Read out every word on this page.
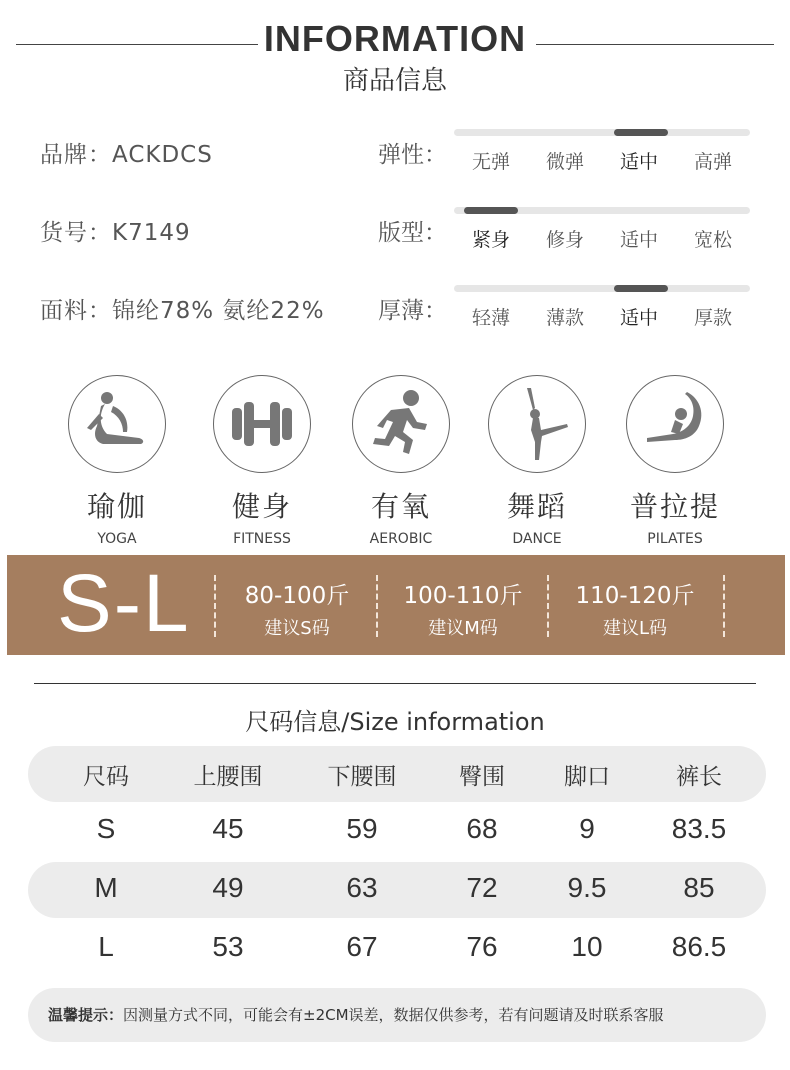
INFORMATION
商品信息
品牌：ACKDCS
货号：K7149
面料：锦纶78% 氨纶22%
弹性：	无弹	微弹	适中	高弹
版型：	紧身	修身	适中	宽松
厚薄：	轻薄	薄款	适中	厚款
瑜伽
YOGA
健身
FITNESS
有氧
AEROBIC
舞蹈
DANCE
普拉提
PILATES
S-L	80-100斤
建议S码
100-110斤
建议M码
110-120斤
建议L码
尺码信息/Size information
尺码	上腰围	下腰围	臀围	脚口	裤长
S	45	59	68	9	83.5
M	49	63	72	9.5	85
L	53	67	76	10	86.5
温馨提示：因测量方式不同，可能会有±2CM误差，数据仅供参考，若有问题请及时联系客服
